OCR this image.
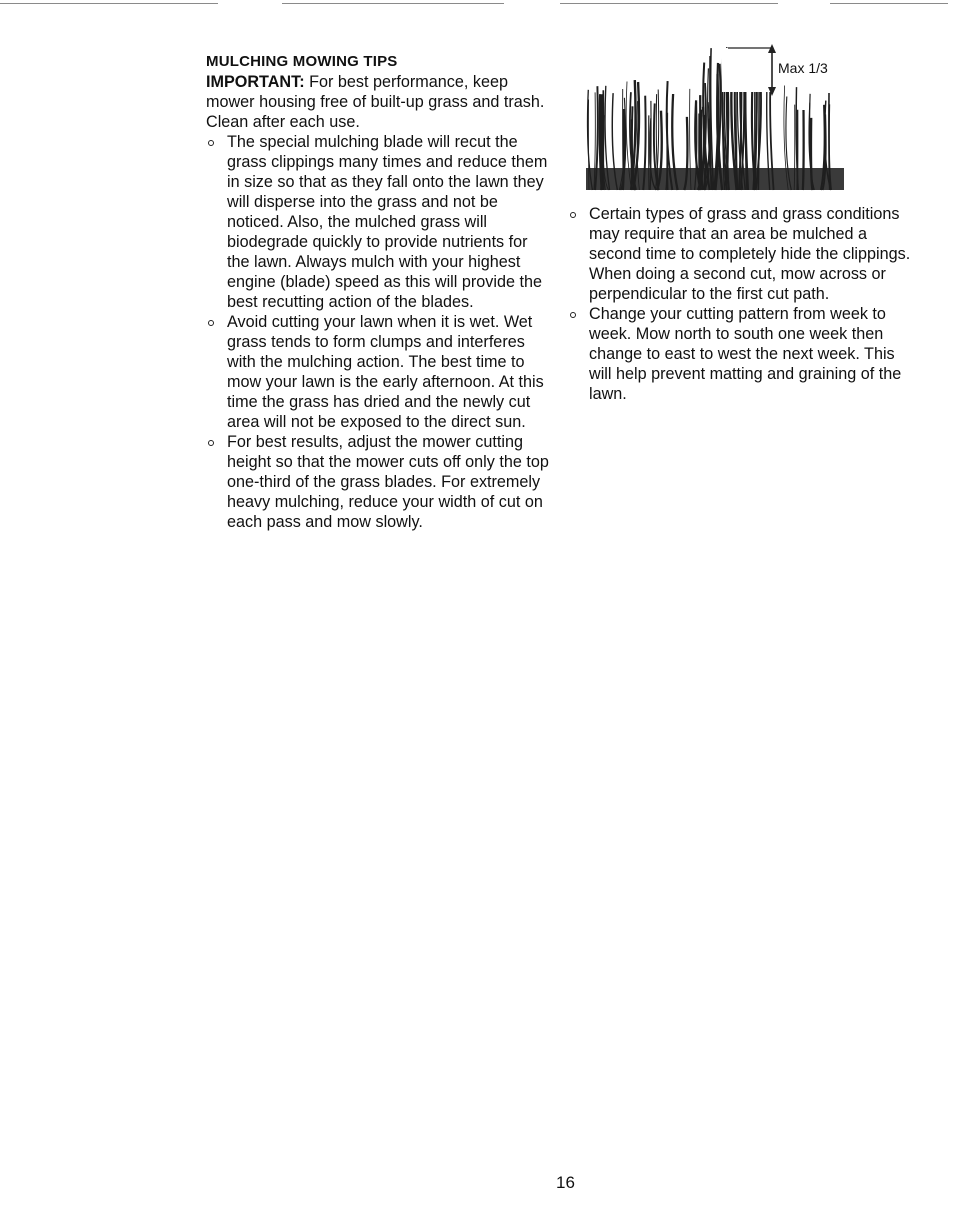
MULCHING MOWING TIPS

IMPORTANT: For best performance, keep mower housing free of built-up grass and trash. Clean after each use.

The special mulching blade will recut the grass clippings many times and reduce them in size so that as they fall onto the lawn they will disperse into the grass and not be noticed. Also, the mulched grass will biodegrade quickly to provide nutrients for the lawn. Always mulch with your highest engine (blade) speed as this will provide the best recutting action of the blades.
Avoid cutting your lawn when it is wet. Wet grass tends to form clumps and interferes with the mulching action. The best time to mow your lawn is the early afternoon. At this time the grass has dried and the newly cut area will not be exposed to the direct sun.
For best results, adjust the mower cutting height so that the mower cuts off only the top one-third of the grass blades. For extremely heavy mulching, reduce your width of cut on each pass and mow slowly.
Max 1/3
Certain types of grass and grass conditions may require that an area be mulched a second time to completely hide the clippings. When doing a second cut, mow across or perpendicular to the first cut path.
Change your cutting pattern from week to week. Mow north to south one week then change to east to west the next week. This will help prevent matting and graining of the lawn.
16
